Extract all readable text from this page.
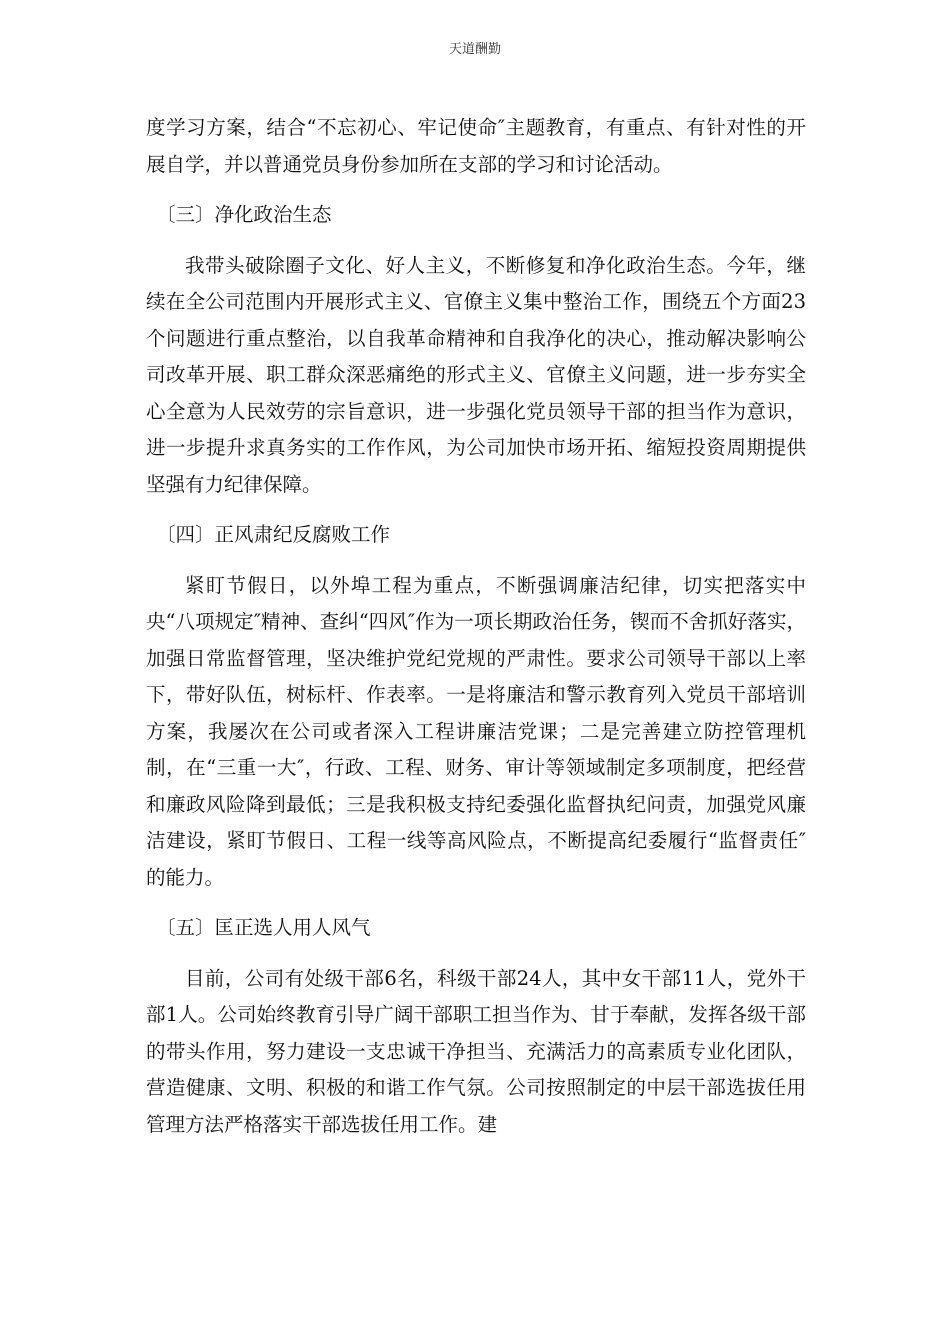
天道酬勤

度学习方案，结合“不忘初心、牢记使命″主题教育，有重点、有针对性的开展自学，并以普通党员身份参加所在支部的学习和讨论活动。

〔三〕净化政治生态

我带头破除圈子文化、好人主义，不断修复和净化政治生态。今年，继续在全公司范围内开展形式主义、官僚主义集中整治工作，围绕五个方面23个问题进行重点整治，以自我革命精神和自我净化的决心，推动解决影响公司改革开展、职工群众深恶痛绝的形式主义、官僚主义问题，进一步夯实全心全意为人民效劳的宗旨意识，进一步强化党员领导干部的担当作为意识，进一步提升求真务实的工作作风，为公司加快市场开拓、缩短投资周期提供坚强有力纪律保障。

〔四〕正风肃纪反腐败工作

紧盯节假日，以外埠工程为重点，不断强调廉洁纪律，切实把落实中央“八项规定″精神、查纠“四风″作为一项长期政治任务，锲而不舍抓好落实，加强日常监督管理，坚决维护党纪党规的严肃性。要求公司领导干部以上率下，带好队伍，树标杆、作表率。一是将廉洁和警示教育列入党员干部培训方案，我屡次在公司或者深入工程讲廉洁党课；二是完善建立防控管理机制，在“三重一大″，行政、工程、财务、审计等领域制定多项制度，把经营和廉政风险降到最低；三是我积极支持纪委强化监督执纪问责，加强党风廉洁建设，紧盯节假日、工程一线等高风险点，不断提高纪委履行“监督责任″的能力。

〔五〕匡正选人用人风气

目前，公司有处级干部6名，科级干部24人，其中女干部11人，党外干部1人。公司始终教育引导广阔干部职工担当作为、甘于奉献，发挥各级干部的带头作用，努力建设一支忠诚干净担当、充满活力的高素质专业化团队，营造健康、文明、积极的和谐工作气氛。公司按照制定的中层干部选拔任用管理方法严格落实干部选拔任用工作。建
